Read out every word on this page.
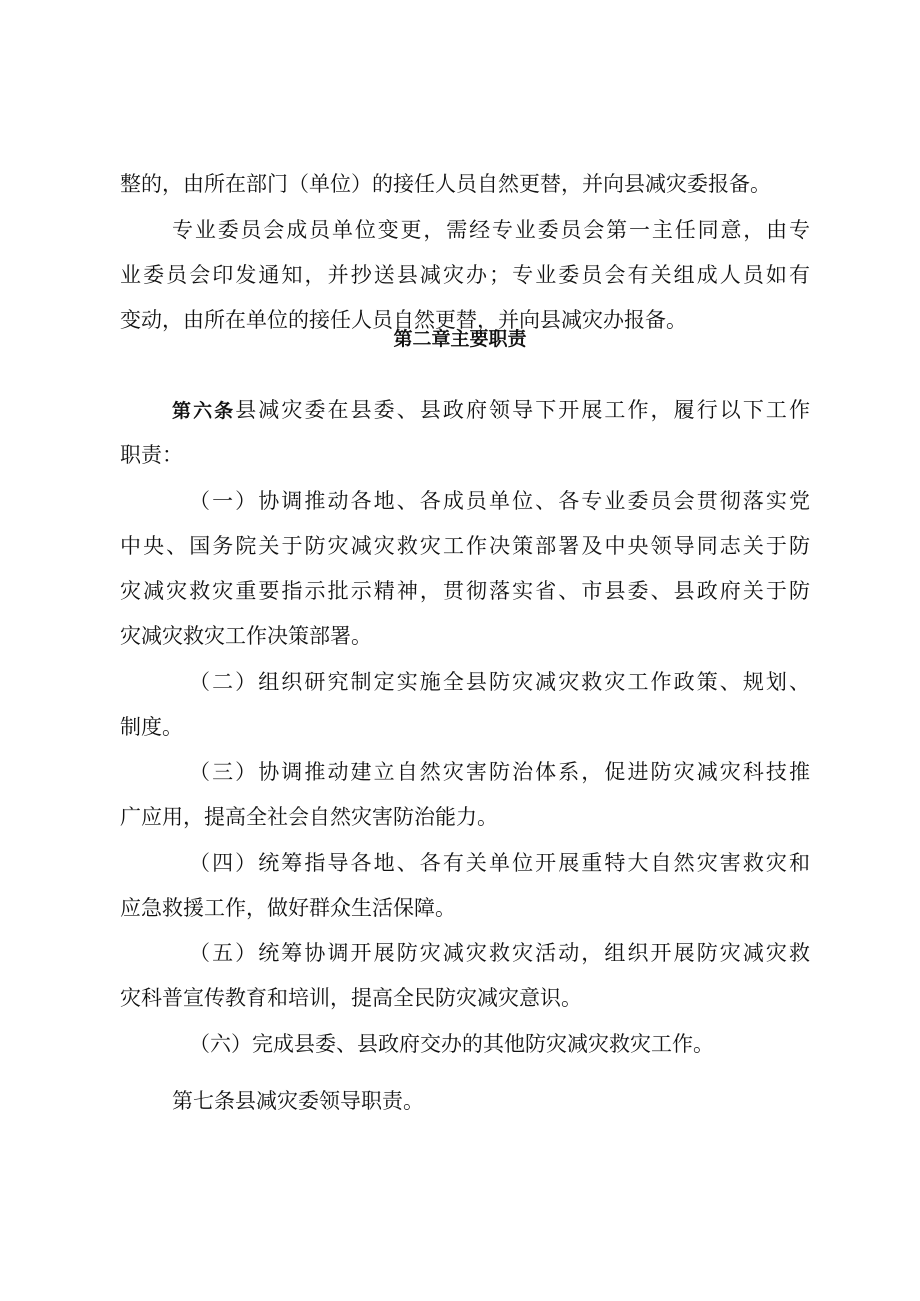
整的，由所在部门（单位）的接任人员自然更替，并向县减灾委报备。
专业委员会成员单位变更，需经专业委员会第一主任同意，由专
业委员会印发通知，并抄送县减灾办；专业委员会有关组成人员如有
变动，由所在单位的接任人员自然更替，并向县减灾办报备。
第二章主要职责
第六条县减灾委在县委、县政府领导下开展工作，履行以下工作
职责：
（一）协调推动各地、各成员单位、各专业委员会贯彻落实党
中央、国务院关于防灾减灾救灾工作决策部署及中央领导同志关于防
灾减灾救灾重要指示批示精神，贯彻落实省、市县委、县政府关于防
灾减灾救灾工作决策部署。
（二）组织研究制定实施全县防灾减灾救灾工作政策、规划、
制度。
（三）协调推动建立自然灾害防治体系，促进防灾减灾科技推
广应用，提高全社会自然灾害防治能力。
（四）统筹指导各地、各有关单位开展重特大自然灾害救灾和
应急救援工作，做好群众生活保障。
（五）统筹协调开展防灾减灾救灾活动，组织开展防灾减灾救
灾科普宣传教育和培训，提高全民防灾减灾意识。
（六）完成县委、县政府交办的其他防灾减灾救灾工作。
第七条县减灾委领导职责。
